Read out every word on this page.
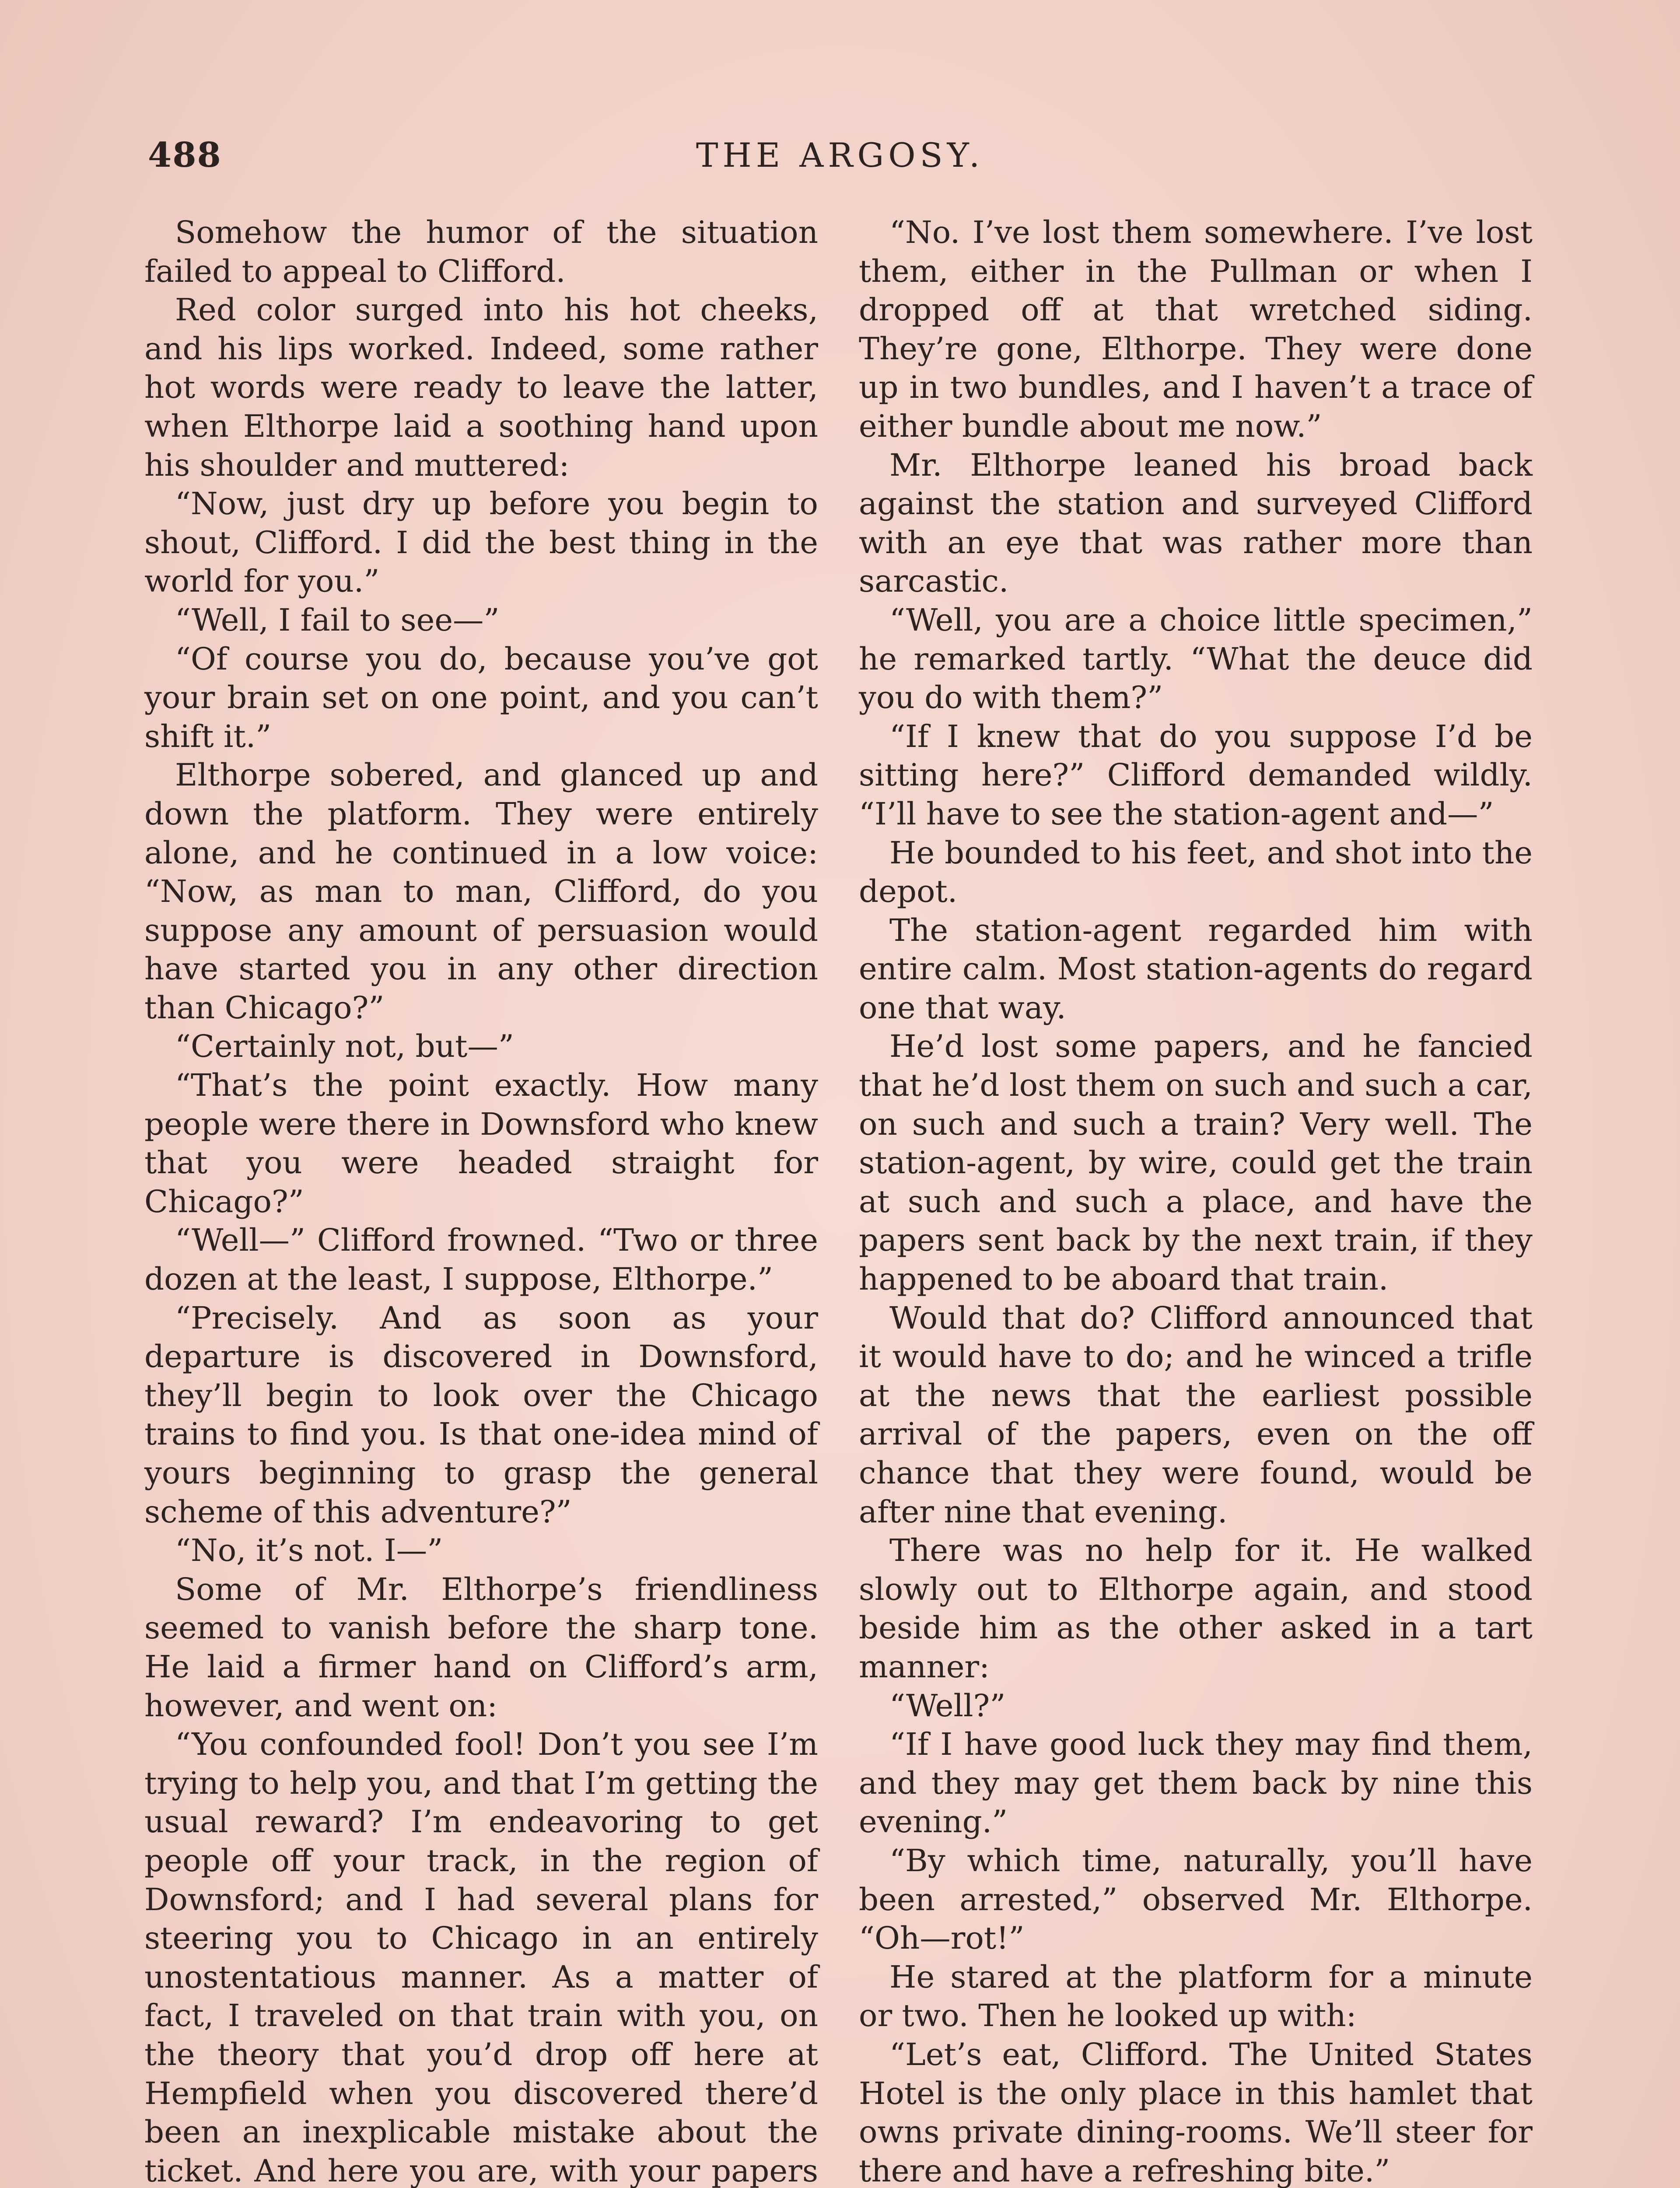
488	THE ARGOSY.

Somehow the humor of the situation failed to appeal to Clifford.

Red color surged into his hot cheeks, and his lips worked. Indeed, some rather hot words were ready to leave the latter, when Elthorpe laid a soothing hand upon his shoulder and muttered:

“Now, just dry up before you begin to shout, Clifford. I did the best thing in the world for you.”

“Well, I fail to see—”

“Of course you do, because you’ve got your brain set on one point, and you can’t shift it.”

Elthorpe sobered, and glanced up and down the platform. They were entirely alone, and he continued in a low voice: “Now, as man to man, Clifford, do you suppose any amount of persuasion would have started you in any other direction than Chicago?”

“Certainly not, but—”

“That’s the point exactly. How many people were there in Downsford who knew that you were headed straight for Chicago?”

“Well—” Clifford frowned. “Two or three dozen at the least, I suppose, Elthorpe.”

“Precisely. And as soon as your departure is discovered in Downsford, they’ll begin to look over the Chicago trains to find you. Is that one-idea mind of yours beginning to grasp the general scheme of this adventure?”

“No, it’s not. I—”

Some of Mr. Elthorpe’s friendliness seemed to vanish before the sharp tone. He laid a firmer hand on Clifford’s arm, however, and went on:

“You confounded fool! Don’t you see I’m trying to help you, and that I’m getting the usual reward? I’m endeavoring to get people off your track, in the region of Downsford; and I had several plans for steering you to Chicago in an entirely unostentatious manner. As a matter of fact, I traveled on that train with you, on the theory that you’d drop off here at Hempfield when you discovered there’d been an inexplicable mistake about the ticket. And here you are, with your papers

“No. I’ve lost them somewhere. I’ve lost them, either in the Pullman or when I dropped off at that wretched siding. They’re gone, Elthorpe. They were done up in two bundles, and I haven’t a trace of either bundle about me now.”

Mr. Elthorpe leaned his broad back against the station and surveyed Clifford with an eye that was rather more than sarcastic.

“Well, you are a choice little specimen,” he remarked tartly. “What the deuce did you do with them?”

“If I knew that do you suppose I’d be sitting here?” Clifford demanded wildly. “I’ll have to see the station-agent and—”

He bounded to his feet, and shot into the depot.

The station-agent regarded him with entire calm. Most station-agents do regard one that way.

He’d lost some papers, and he fancied that he’d lost them on such and such a car, on such and such a train? Very well. The station-agent, by wire, could get the train at such and such a place, and have the papers sent back by the next train, if they happened to be aboard that train.

Would that do? Clifford announced that it would have to do; and he winced a trifle at the news that the earliest possible arrival of the papers, even on the off chance that they were found, would be after nine that evening.

There was no help for it. He walked slowly out to Elthorpe again, and stood beside him as the other asked in a tart manner:

“Well?”

“If I have good luck they may find them, and they may get them back by nine this evening.”

“By which time, naturally, you’ll have been arrested,” observed Mr. Elthorpe. “Oh—rot!”

He stared at the platform for a minute or two. Then he looked up with:

“Let’s eat, Clifford. The United States Hotel is the only place in this hamlet that owns private dining-rooms. We’ll steer for there and have a refreshing bite.”
